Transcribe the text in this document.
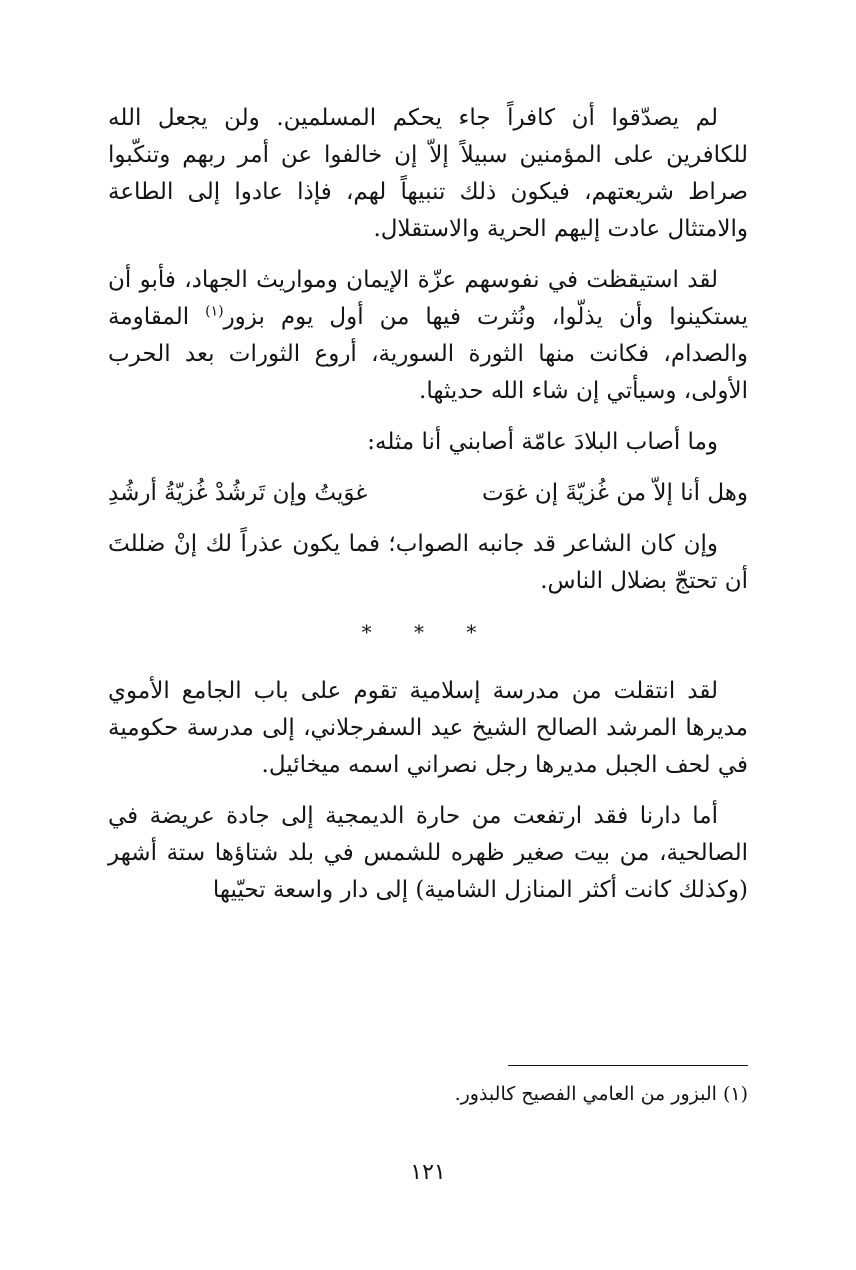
لم يصدّقوا أن كافراً جاء يحكم المسلمين. ولن يجعل الله للكافرين على المؤمنين سبيلاً إلاّ إن خالفوا عن أمر ربهم وتنكّبوا صراط شريعتهم، فيكون ذلك تنبيهاً لهم، فإذا عادوا إلى الطاعة والامتثال عادت إليهم الحرية والاستقلال.

لقد استيقظت في نفوسهم عزّة الإيمان ومواريث الجهاد، فأبو أن يستكينوا وأن يذلّوا، ونُثرت فيها من أول يوم بزور$^{(١)}$ المقاومة والصدام، فكانت منها الثورة السورية، أروع الثورات بعد الحرب الأولى، وسيأتي إن شاء الله حديثها.

وما أصاب البلادَ عامّة أصابني أنا مثله:

وهل أنا إلاّ من غُزيّةَ إن غوَت
غوَيتُ وإن تَرشُدْ غُزيّةُ أرشُدِ

وإن كان الشاعر قد جانبه الصواب؛ فما يكون عذراً لك إنْ ضللتَ أن تحتجّ بضلال الناس.

* * *

لقد انتقلت من مدرسة إسلامية تقوم على باب الجامع الأموي مديرها المرشد الصالح الشيخ عيد السفرجلاني، إلى مدرسة حكومية في لحف الجبل مديرها رجل نصراني اسمه ميخائيل.

أما دارنا فقد ارتفعت من حارة الديمجية إلى جادة عريضة في الصالحية، من بيت صغير ظهره للشمس في بلد شتاؤها ستة أشهر (وكذلك كانت أكثر المنازل الشامية) إلى دار واسعة تحيّيها

(١) البزور من العامي الفصيح كالبذور.
١٢١
